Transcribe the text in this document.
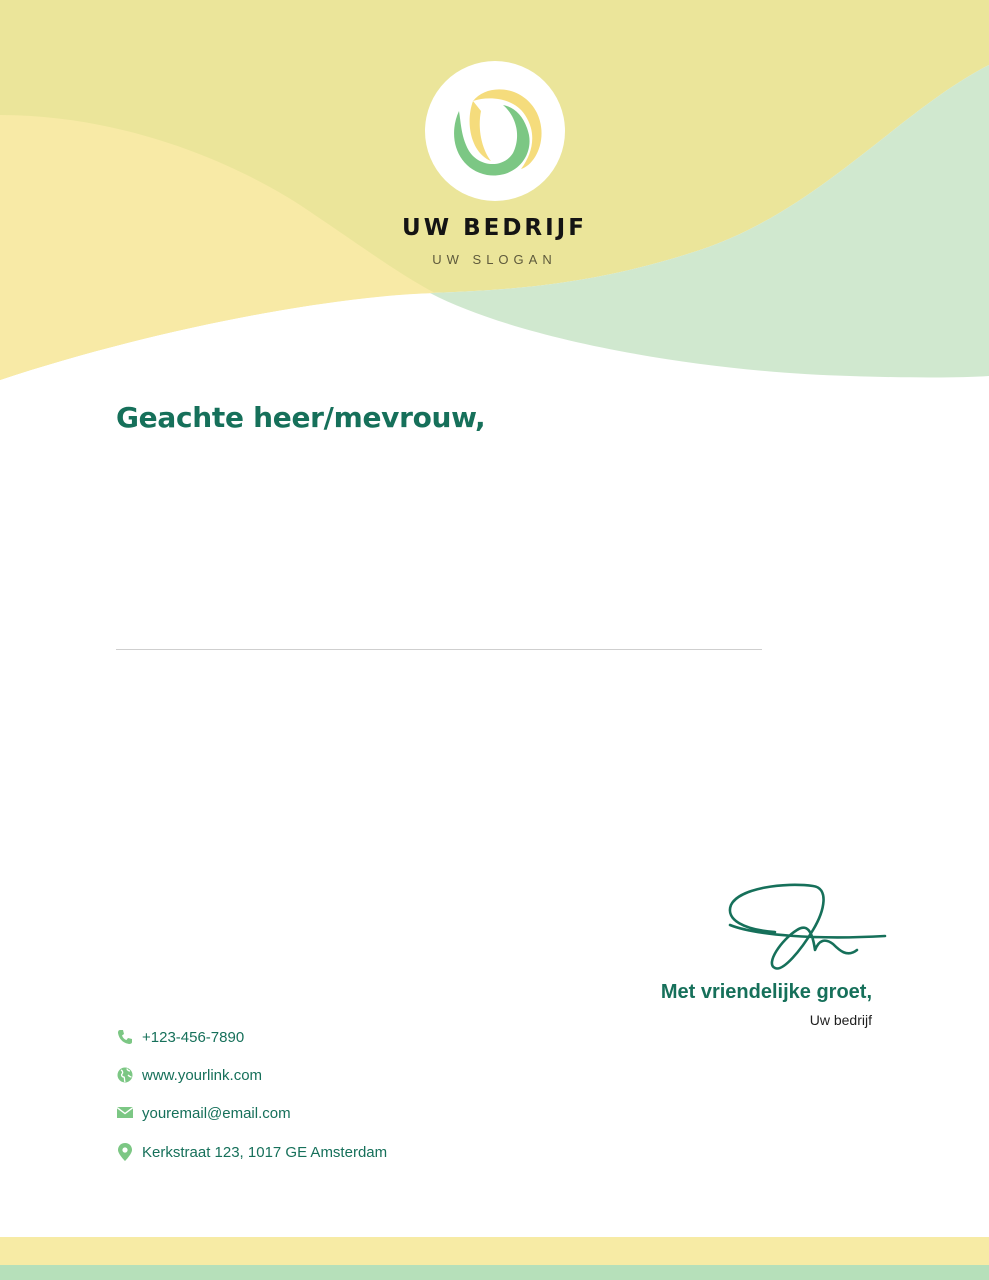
UW BEDRIJF
UW SLOGAN
Geachte heer/mevrouw,
Met vriendelijke groet,
Uw bedrijf
+123-456-7890
www.yourlink.com
youremail@email.com
Kerkstraat 123, 1017 GE Amsterdam
